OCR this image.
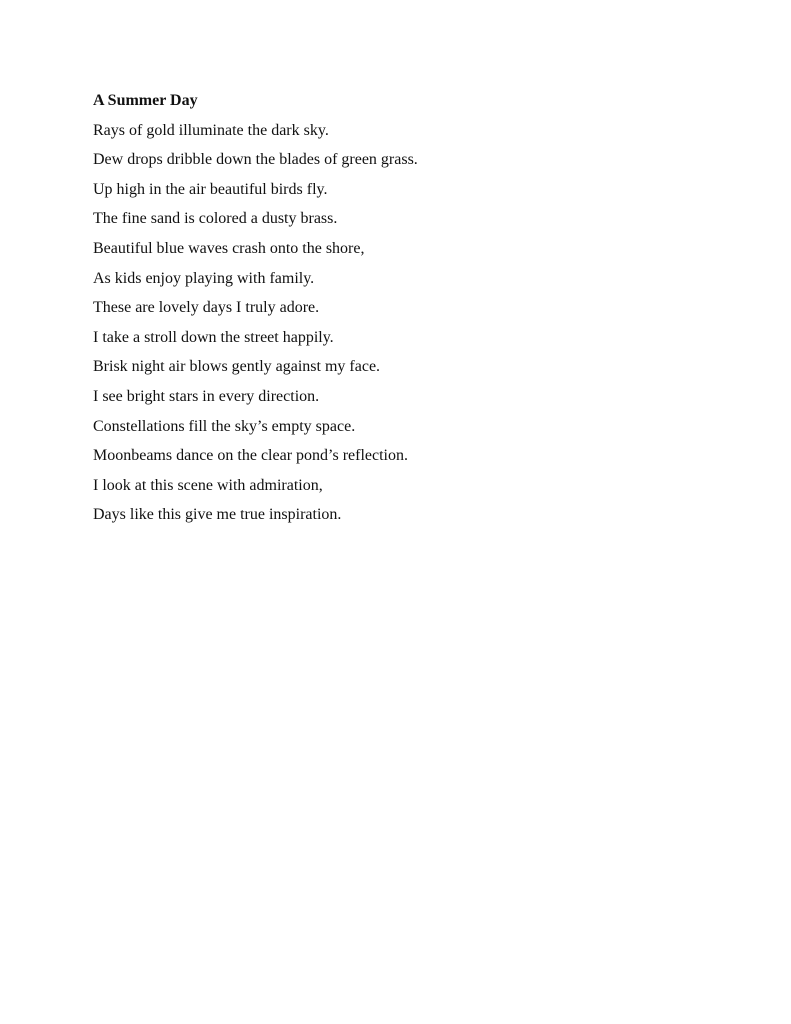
A Summer Day
Rays of gold illuminate the dark sky.
Dew drops dribble down the blades of green grass.
Up high in the air beautiful birds fly.
The fine sand is colored a dusty brass.
Beautiful blue waves crash onto the shore,
As kids enjoy playing with family.
These are lovely days I truly adore.
I take a stroll down the street happily.
Brisk night air blows gently against my face.
I see bright stars in every direction.
Constellations fill the sky’s empty space.
Moonbeams dance on the clear pond’s reflection.
I look at this scene with admiration,
Days like this give me true inspiration.
